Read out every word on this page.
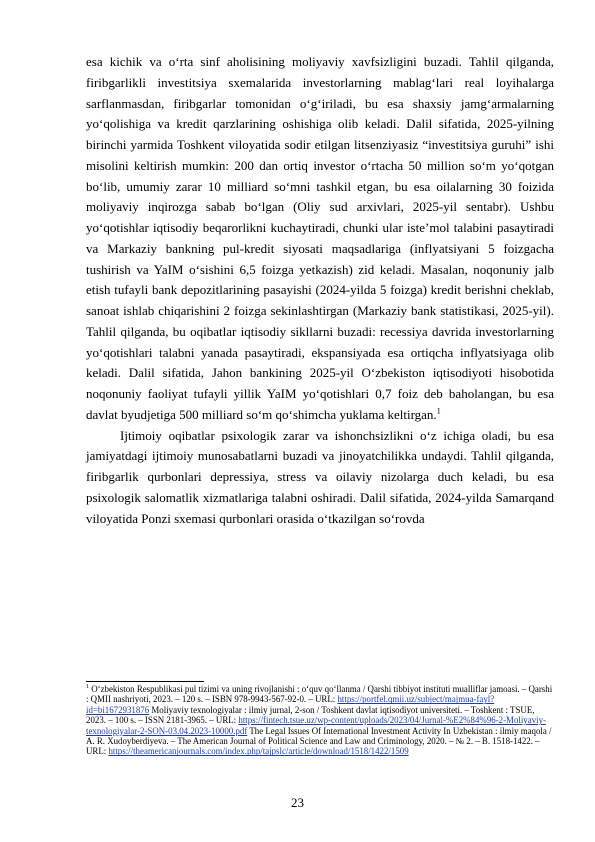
esa kichik va o‘rta sinf aholisining moliyaviy xavfsizligini buzadi. Tahlil qilganda, firibgarlikli investitsiya sxemalarida investorlarning mablag‘lari real loyihalarga sarflanmasdan, firibgarlar tomonidan o‘g‘iriladi, bu esa shaxsiy jamg‘armalarning yo‘qolishiga va kredit qarzlarining oshishiga olib keladi. Dalil sifatida, 2025-yilning birinchi yarmida Toshkent viloyatida sodir etilgan litsenziyasiz “investitsiya guruhi” ishi misolini keltirish mumkin: 200 dan ortiq investor o‘rtacha 50 million so‘m yo‘qotgan bo‘lib, umumiy zarar 10 milliard so‘mni tashkil etgan, bu esa oilalarning 30 foizida moliyaviy inqirozga sabab bo‘lgan (Oliy sud arxivlari, 2025-yil sentabr). Ushbu yo‘qotishlar iqtisodiy beqarorlikni kuchaytiradi, chunki ular iste’mol talabini pasaytiradi va Markaziy bankning pul-kredit siyosati maqsadlariga (inflyatsiyani 5 foizgacha tushirish va YaIM o‘sishini 6,5 foizga yetkazish) zid keladi. Masalan, noqonuniy jalb etish tufayli bank depozitlarining pasayishi (2024-yilda 5 foizga) kredit berishni cheklab, sanoat ishlab chiqarishini 2 foizga sekinlashtirgan (Markaziy bank statistikasi, 2025-yil). Tahlil qilganda, bu oqibatlar iqtisodiy sikllarni buzadi: recessiya davrida investorlarning yo‘qotishlari talabni yanada pasaytiradi, ekspansiyada esa ortiqcha inflyatsiyaga olib keladi. Dalil sifatida, Jahon bankining 2025-yil O‘zbekiston iqtisodiyoti hisobotida noqonuniy faoliyat tufayli yillik YaIM yo‘qotishlari 0,7 foiz deb baholangan, bu esa davlat byudjetiga 500 milliard so‘m qo‘shimcha yuklama keltirgan.$^1$

Ijtimoiy oqibatlar psixologik zarar va ishonchsizlikni o‘z ichiga oladi, bu esa jamiyatdagi ijtimoiy munosabatlarni buzadi va jinoyatchilikka undaydi. Tahlil qilganda, firibgarlik qurbonlari depressiya, stress va oilaviy nizolarga duch keladi, bu esa psixologik salomatlik xizmatlariga talabni oshiradi. Dalil sifatida, 2024-yilda Samarqand viloyatida Ponzi sxemasi qurbonlari orasida o‘tkazilgan so‘rovda

$^1$ O‘zbekiston Respublikasi pul tizimi va uning rivojlanishi : o‘quv qo‘llanma / Qarshi tibbiyot instituti mualliflar jamoasi. – Qarshi : QMII nashriyoti, 2023. – 120 s. – ISBN 978-9943-567-92-0. – URL: https://portfel.qmii.uz/subject/majmua-fayl?id=bi1672931876 Moliyaviy texnologiyalar : ilmiy jurnal, 2-son / Toshkent davlat iqtisodiyot universiteti. – Toshkent : TSUE, 2023. – 100 s. – ISSN 2181-3965. – URL: https://fintech.tsue.uz/wp-content/uploads/2023/04/Jurnal-%E2%84%96-2-Moliyaviy-texnologiyalar-2-SON-03.04.2023-10000.pdf The Legal Issues Of International Investment Activity In Uzbekistan : ilmiy maqola / A. R. Xudoyberdiyeva. – The American Journal of Political Science and Law and Criminology, 2020. – № 2. – B. 1518-1422. – URL: https://theamericanjournals.com/index.php/tajpslc/article/download/1518/1422/1509

23
